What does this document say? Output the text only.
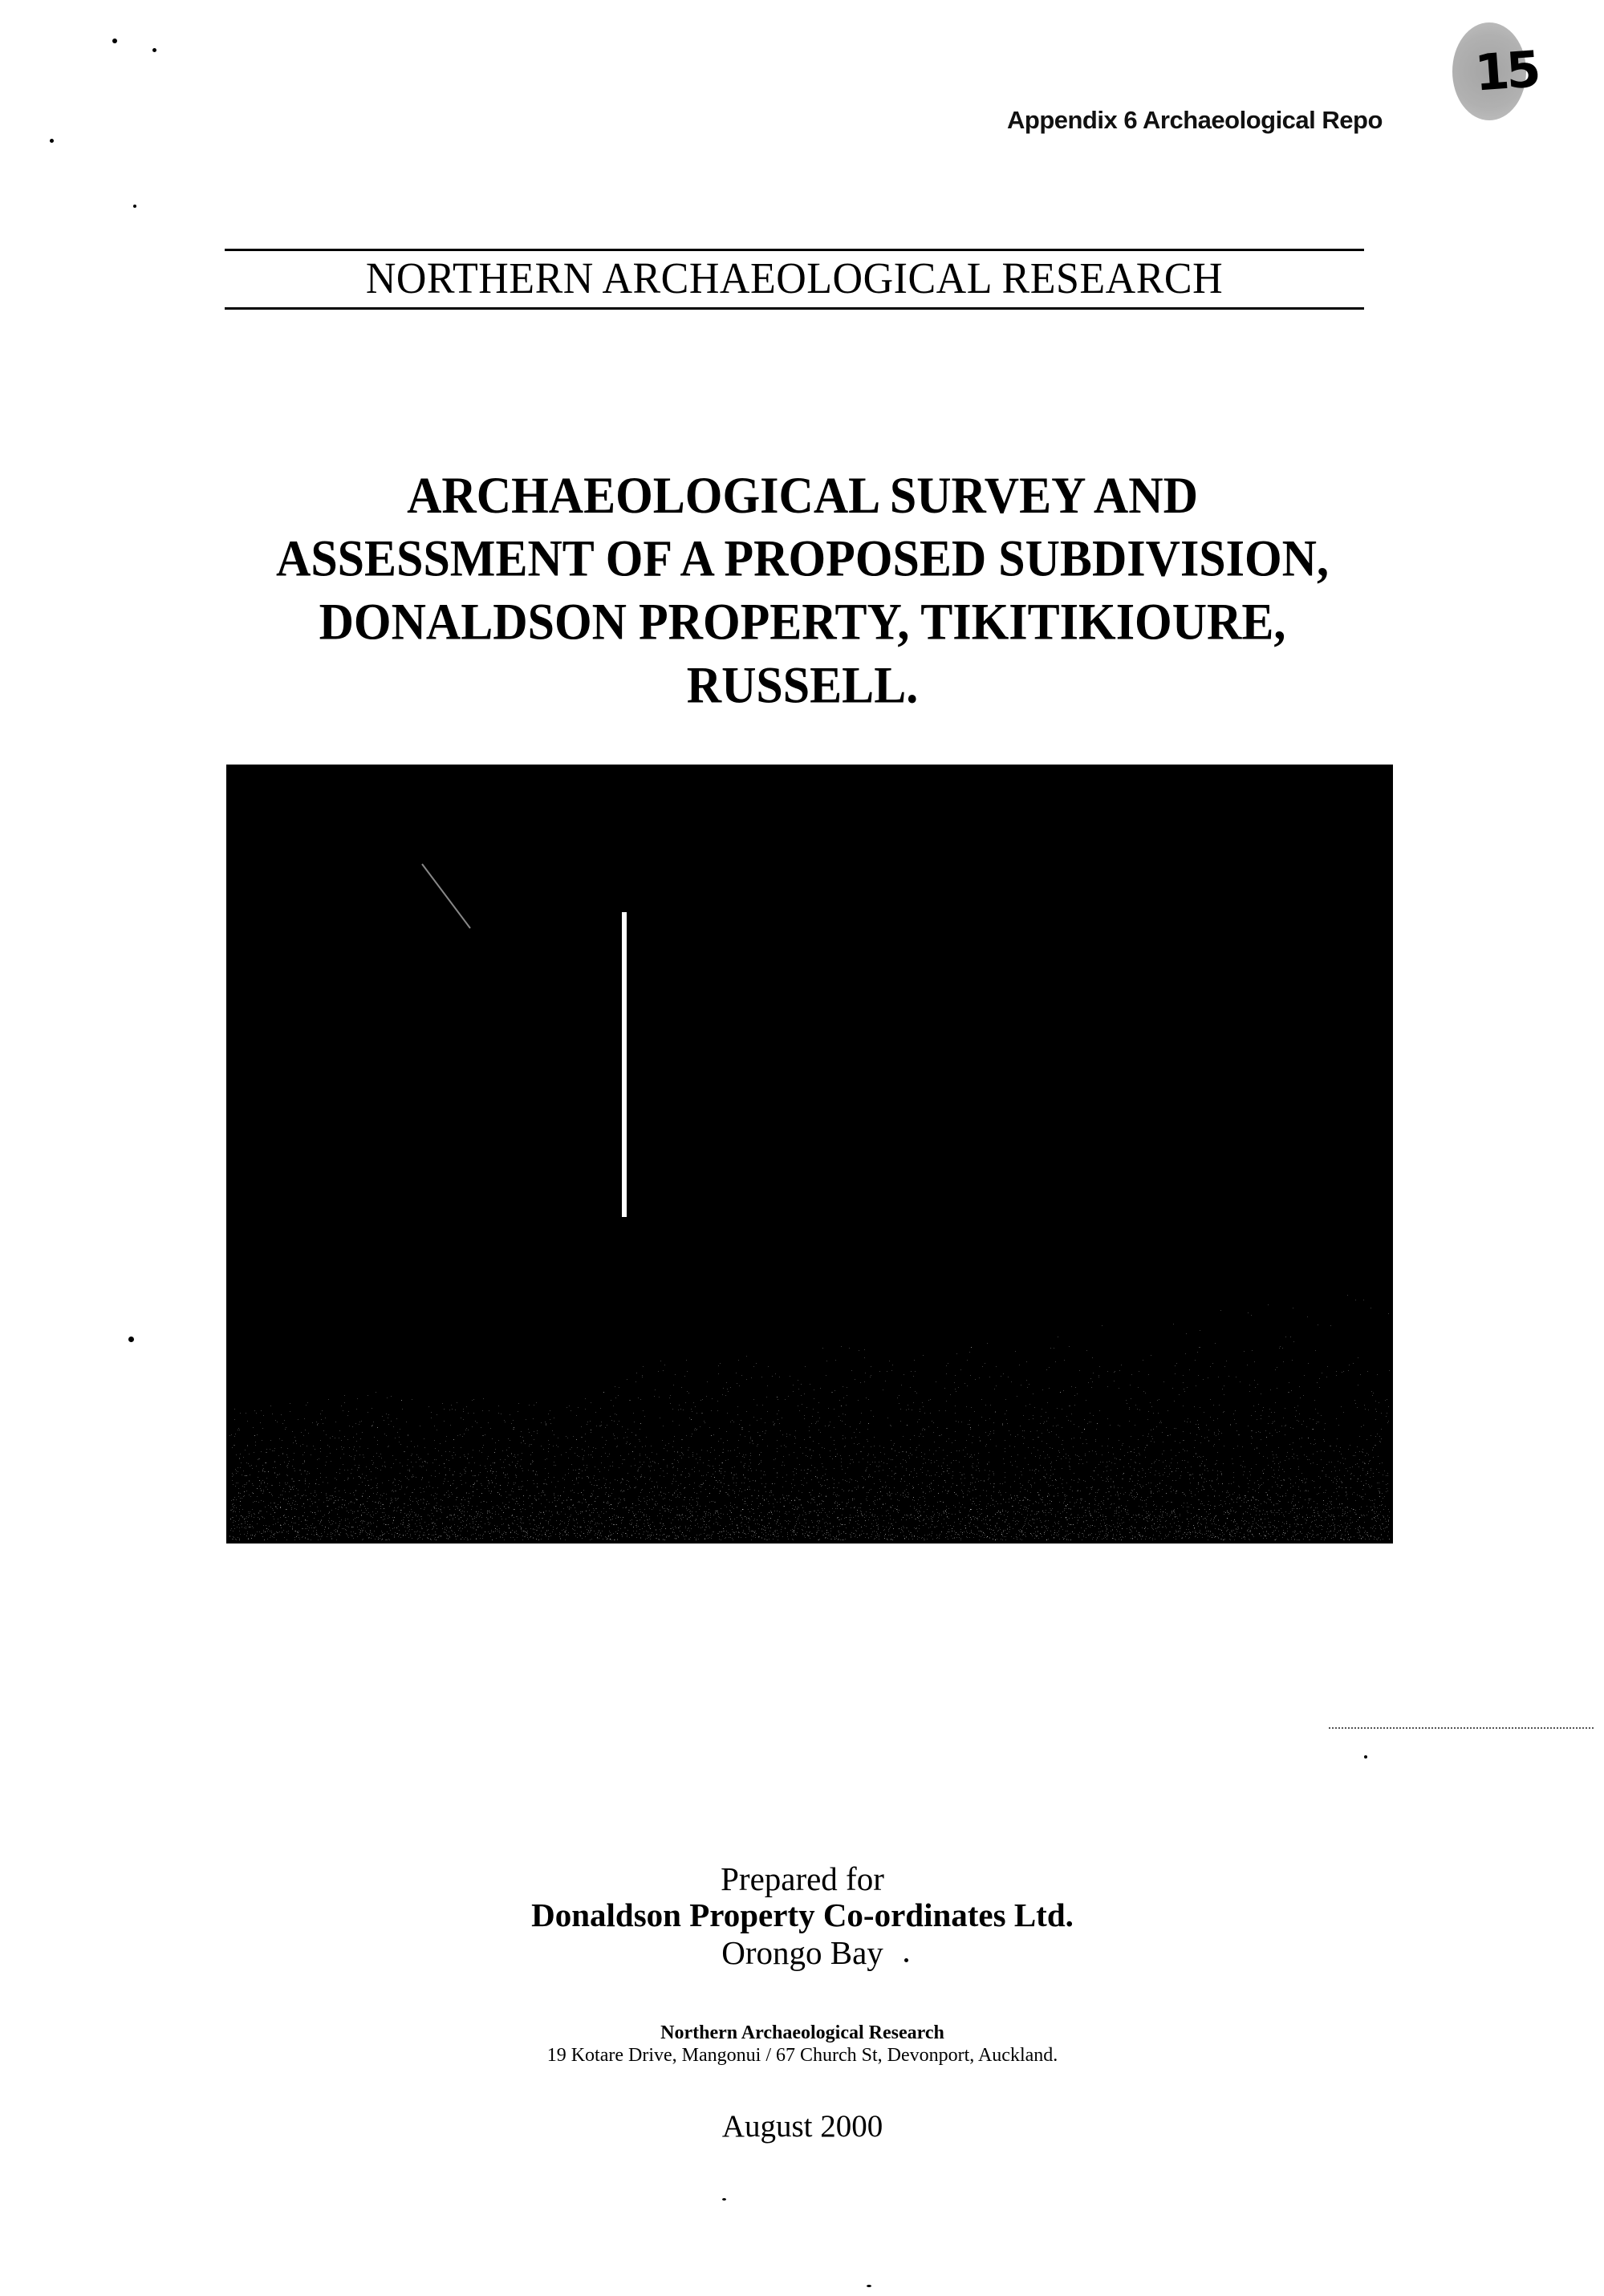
Appendix 6 Archaeological Repo
15
NORTHERN ARCHAEOLOGICAL RESEARCH
ARCHAEOLOGICAL SURVEY AND
ASSESSMENT OF A PROPOSED SUBDIVISION,
DONALDSON PROPERTY, TIKITIKIOURE,
RUSSELL.
Prepared for
Donaldson Property Co-ordinates Ltd.
Orongo Bay
Northern Archaeological Research
19 Kotare Drive, Mangonui / 67 Church St, Devonport, Auckland.
August 2000
